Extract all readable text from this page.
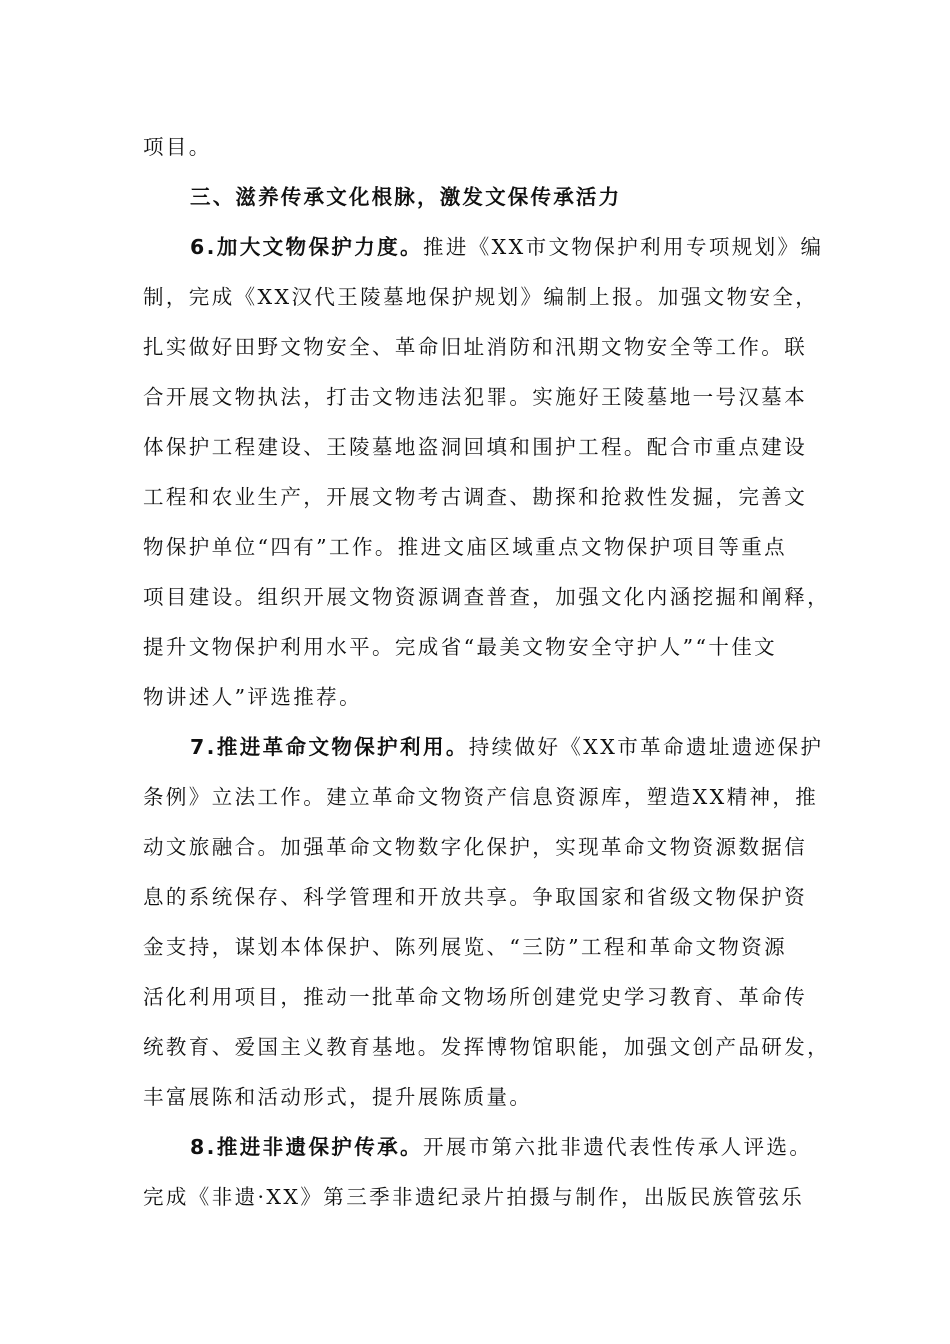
项目。
三、滋养传承文化根脉，激发文保传承活力
6.加大文物保护力度。推进《XX市文物保护利用专项规划》编
制，完成《XX汉代王陵墓地保护规划》编制上报。加强文物安全，
扎实做好田野文物安全、革命旧址消防和汛期文物安全等工作。联
合开展文物执法，打击文物违法犯罪。实施好王陵墓地一号汉墓本
体保护工程建设、王陵墓地盗洞回填和围护工程。配合市重点建设
工程和农业生产，开展文物考古调查、勘探和抢救性发掘，完善文
物保护单位“四有”工作。推进文庙区域重点文物保护项目等重点
项目建设。组织开展文物资源调查普查，加强文化内涵挖掘和阐释，
提升文物保护利用水平。完成省“最美文物安全守护人”“十佳文
物讲述人”评选推荐。
7.推进革命文物保护利用。持续做好《XX市革命遗址遗迹保护
条例》立法工作。建立革命文物资产信息资源库，塑造XX精神，推
动文旅融合。加强革命文物数字化保护，实现革命文物资源数据信
息的系统保存、科学管理和开放共享。争取国家和省级文物保护资
金支持，谋划本体保护、陈列展览、“三防”工程和革命文物资源
活化利用项目，推动一批革命文物场所创建党史学习教育、革命传
统教育、爱国主义教育基地。发挥博物馆职能，加强文创产品研发，
丰富展陈和活动形式，提升展陈质量。
8.推进非遗保护传承。开展市第六批非遗代表性传承人评选。
完成《非遗·XX》第三季非遗纪录片拍摄与制作，出版民族管弦乐
